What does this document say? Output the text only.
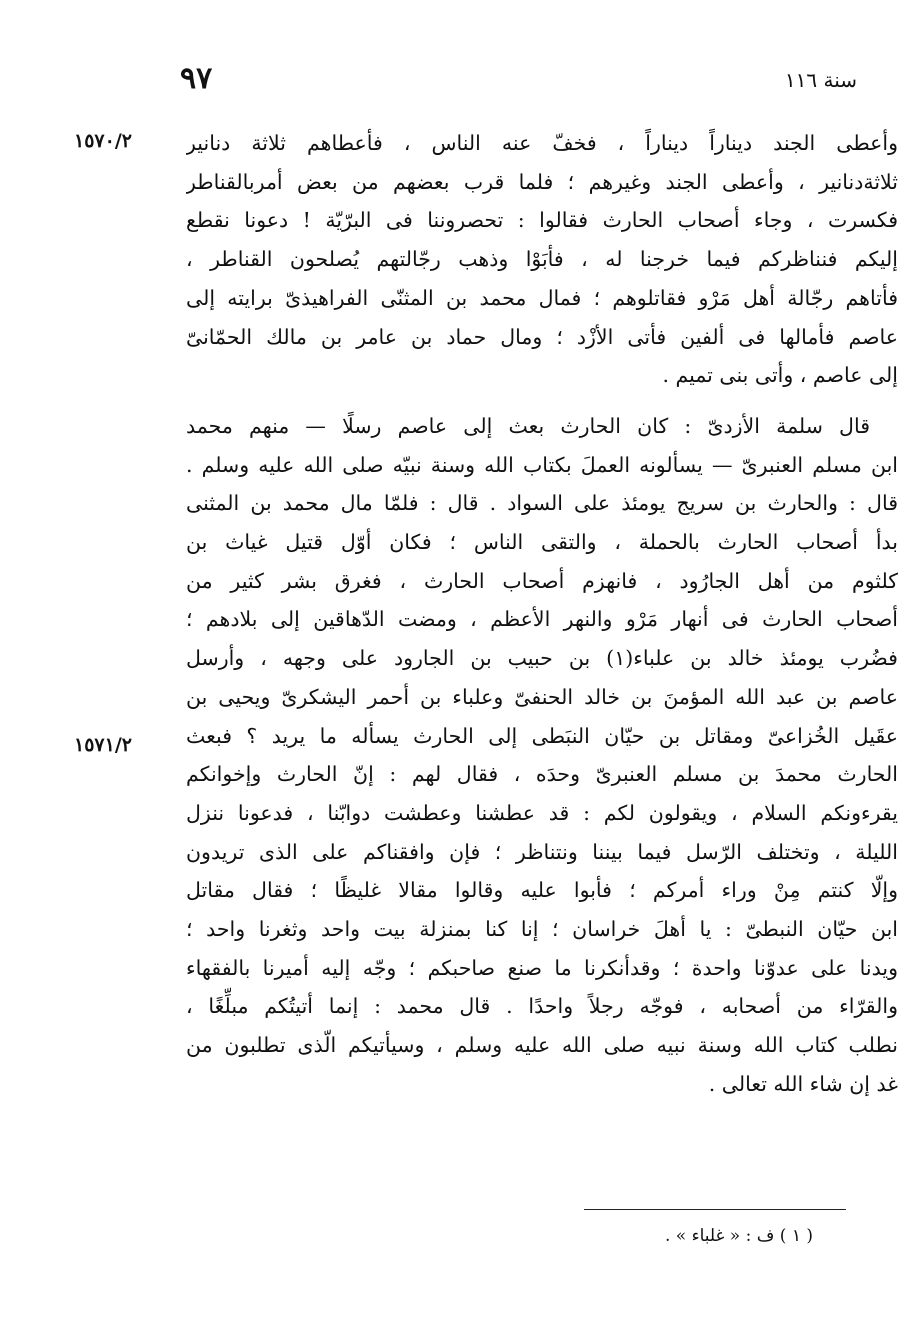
٩٧	سنة ١١٦
١٥٧٠/٢
١٥٧١/٢
وأعطى الجند ديناراً ديناراً ، فخفّ عنه الناس ، فأعطاهم ثلاثة دنانير
ثلاثةدنانير ، وأعطى الجند وغيرهم ؛ فلما قرب بعضهم من بعض أمربالقناطر
فكسرت ، وجاء أصحاب الحارث فقالوا : تحصروننا فى البرّيّة ! دعونا نقطع
إليكم فنناظركم فيما خرجنا له ، فأبَوْا وذهب رجّالتهم يُصلحون القناطر ،
فأتاهم رجّالة أهل مَرْو فقاتلوهم ؛ فمال محمد بن المثنّى الفراهيذىّ برايته إلى
عاصم فأمالها فى ألفين فأتى الأزْد ؛ ومال حماد بن عامر بن مالك الحمّانىّ
إلى عاصم ، وأتى بنى تميم .
قال سلمة الأزدىّ : كان الحارث بعث إلى عاصم رسلًا — منهم محمد
ابن مسلم العنبرىّ — يسألونه العملَ بكتاب الله وسنة نبيّه صلى الله عليه وسلم .
قال : والحارث بن سريج يومئذ على السواد . قال : فلمّا مال محمد بن المثنى
بدأ أصحاب الحارث بالحملة ، والتقى الناس ؛ فكان أوّل قتيل غياث بن
كلثوم من أهل الجارُود ، فانهزم أصحاب الحارث ، فغرق بشر كثير من
أصحاب الحارث فى أنهار مَرْو والنهر الأعظم ، ومضت الدّهاقين إلى بلادهم ؛
فضُرب يومئذ خالد بن علباء(١) بن حبيب بن الجارود على وجهه ، وأرسل
عاصم بن عبد الله المؤمنَ بن خالد الحنفىّ وعلباء بن أحمر اليشكرىّ ويحيى بن
عقَيل الخُزاعىّ ومقاتل بن حيّان النبَطى إلى الحارث يسأله ما يريد ؟ فبعث
الحارث محمدَ بن مسلم العنبرىّ وحدَه ، فقال لهم : إنّ الحارث وإخوانكم
يقرءونكم السلام ، ويقولون لكم : قد عطشنا وعطشت دوابّنا ، فدعونا ننزل
الليلة ، وتختلف الرّسل فيما بيننا ونتناظر ؛ فإن وافقناكم على الذى تريدون
وإلّا كنتم مِنْ وراء أمركم ؛ فأبوا عليه وقالوا مقالا غليظًا ؛ فقال مقاتل
ابن حيّان النبطىّ : يا أهلَ خراسان ؛ إنا كنا بمنزلة بيت واحد وثغرنا واحد ؛
ويدنا على عدوّنا واحدة ؛ وقدأنكرنا ما صنع صاحبكم ؛ وجّه إليه أميرنا بالفقهاء
والقرّاء من أصحابه ، فوجّه رجلاً واحدًا . قال محمد : إنما أتيتُكم مبلِّغًا ،
نطلب كتاب الله وسنة نبيه صلى الله عليه وسلم ، وسيأتيكم الّذى تطلبون من
غد إن شاء الله تعالى .
( ١ ) ف : « غلباء » .
